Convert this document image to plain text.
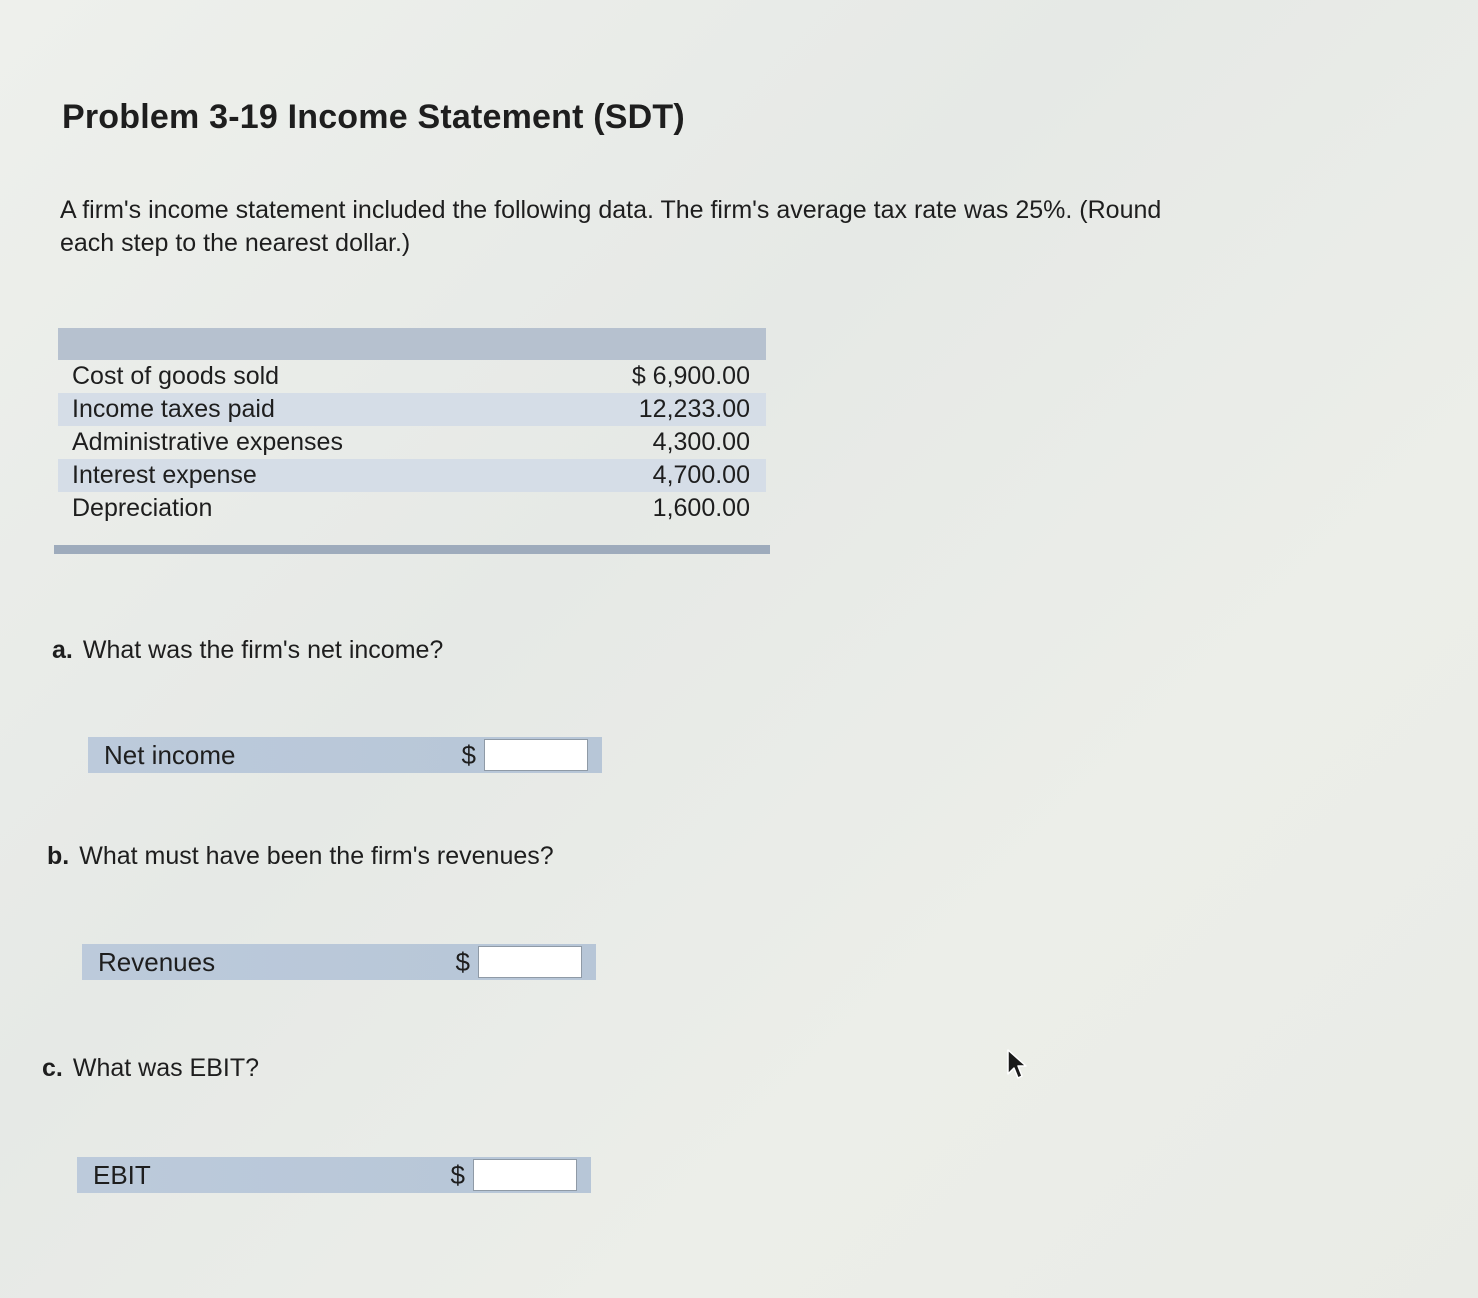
Problem 3-19 Income Statement (SDT)

A firm's income statement included the following data. The firm's average tax rate was 25%. (Round each step to the nearest dollar.)

Cost of goods sold	$ 6,900.00
Income taxes paid	12,233.00
Administrative expenses	4,300.00
Interest expense	4,700.00
Depreciation	1,600.00

a. What was the firm's net income?

Net income	$

b. What must have been the firm's revenues?

Revenues	$

c. What was EBIT?

EBIT	$
